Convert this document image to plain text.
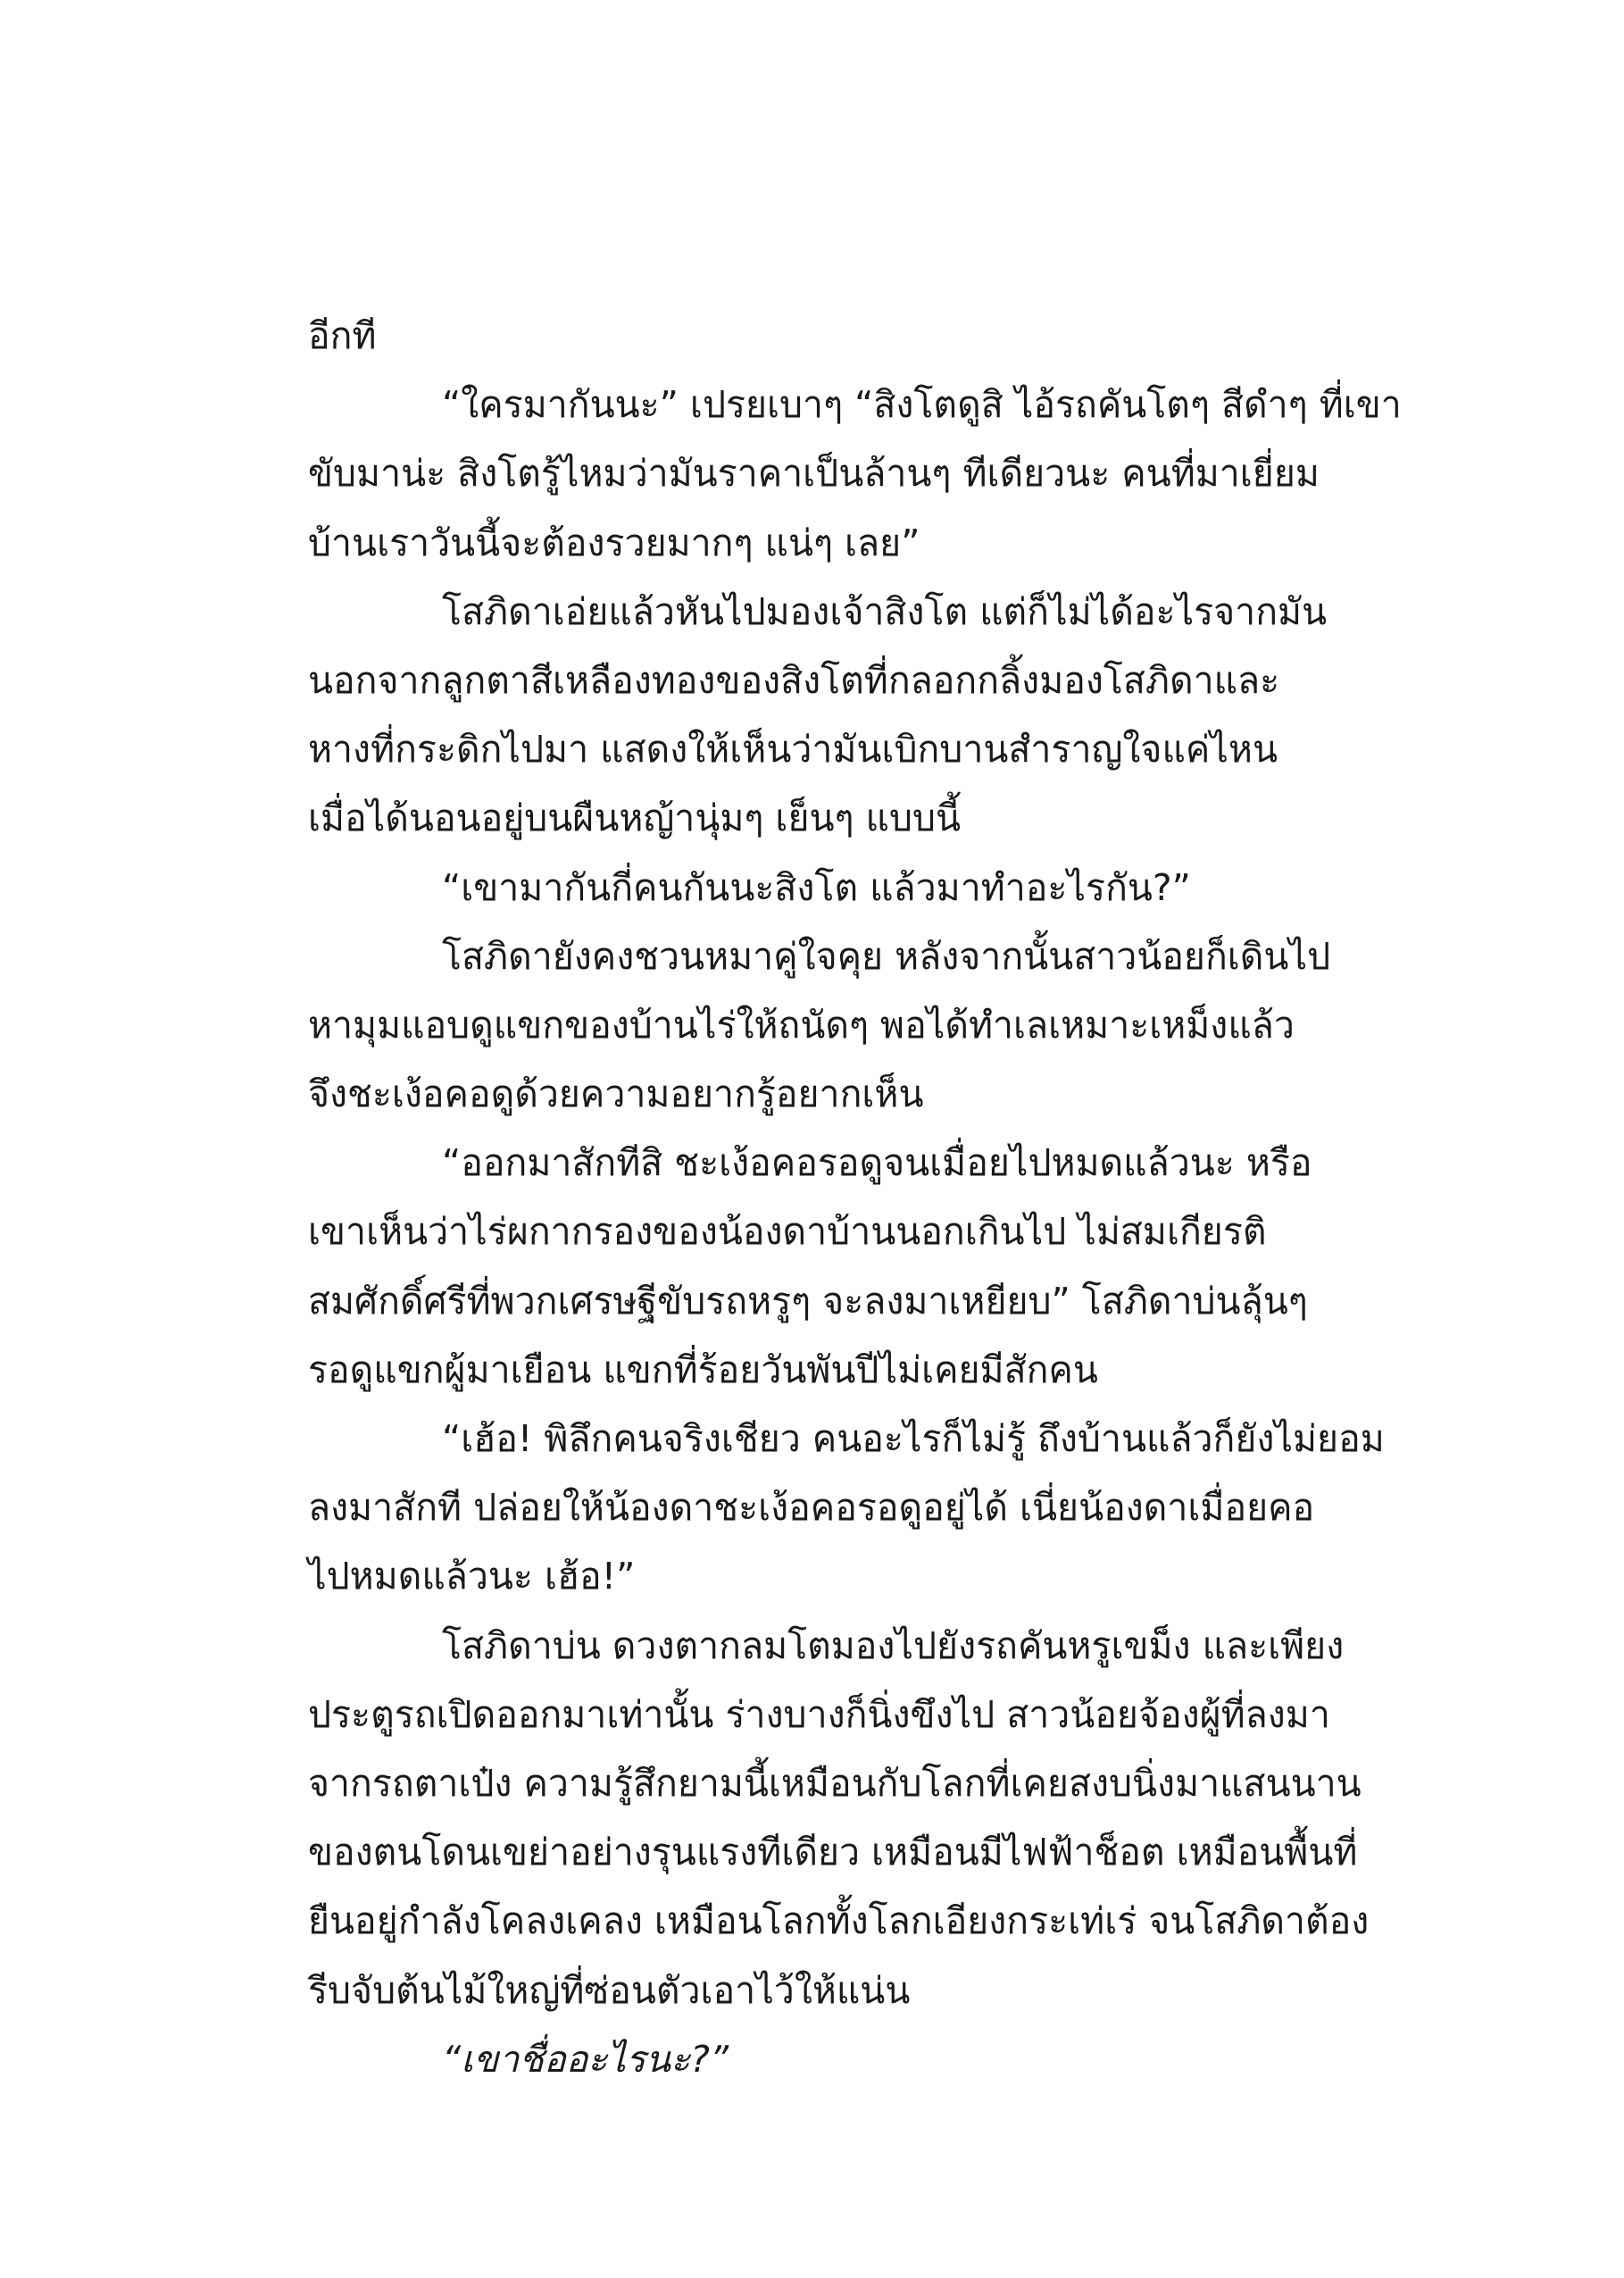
อีกที
“ใครมากันนะ” เปรยเบาๆ “สิงโตดูสิ ไอ้รถคันโตๆ สีดำๆ ที่เขา
ขับมาน่ะ สิงโตรู้ไหมว่ามันราคาเป็นล้านๆ ทีเดียวนะ คนที่มาเยี่ยม
บ้านเราวันนี้จะต้องรวยมากๆ แน่ๆ เลย”
โสภิดาเอ่ยแล้วหันไปมองเจ้าสิงโต แต่ก็ไม่ได้อะไรจากมัน
นอกจากลูกตาสีเหลืองทองของสิงโตที่กลอกกลิ้งมองโสภิดาและ
หางที่กระดิกไปมา แสดงให้เห็นว่ามันเบิกบานสำราญใจแค่ไหน
เมื่อได้นอนอยู่บนผืนหญ้านุ่มๆ เย็นๆ แบบนี้
“เขามากันกี่คนกันนะสิงโต แล้วมาทำอะไรกัน?”
โสภิดายังคงชวนหมาคู่ใจคุย หลังจากนั้นสาวน้อยก็เดินไป
หามุมแอบดูแขกของบ้านไร่ให้ถนัดๆ พอได้ทำเลเหมาะเหม็งแล้ว
จึงชะเง้อคอดูด้วยความอยากรู้อยากเห็น
“ออกมาสักทีสิ ชะเง้อคอรอดูจนเมื่อยไปหมดแล้วนะ หรือ
เขาเห็นว่าไร่ผกากรองของน้องดาบ้านนอกเกินไป ไม่สมเกียรติ
สมศักดิ์ศรีที่พวกเศรษฐีขับรถหรูๆ จะลงมาเหยียบ” โสภิดาบ่นลุ้นๆ
รอดูแขกผู้มาเยือน แขกที่ร้อยวันพันปีไม่เคยมีสักคน
“เฮ้อ! พิลึกคนจริงเชียว คนอะไรก็ไม่รู้ ถึงบ้านแล้วก็ยังไม่ยอม
ลงมาสักที ปล่อยให้น้องดาชะเง้อคอรอดูอยู่ได้ เนี่ยน้องดาเมื่อยคอ
ไปหมดแล้วนะ เฮ้อ!”
โสภิดาบ่น ดวงตากลมโตมองไปยังรถคันหรูเขม็ง และเพียง
ประตูรถเปิดออกมาเท่านั้น ร่างบางก็นิ่งขึงไป สาวน้อยจ้องผู้ที่ลงมา
จากรถตาเป๋ง ความรู้สึกยามนี้เหมือนกับโลกที่เคยสงบนิ่งมาแสนนาน
ของตนโดนเขย่าอย่างรุนแรงทีเดียว เหมือนมีไฟฟ้าช็อต เหมือนพื้นที่
ยืนอยู่กำลังโคลงเคลง เหมือนโลกทั้งโลกเอียงกระเท่เร่ จนโสภิดาต้อง
รีบจับต้นไม้ใหญ่ที่ซ่อนตัวเอาไว้ให้แน่น
“เขาชื่ออะไรนะ?”
